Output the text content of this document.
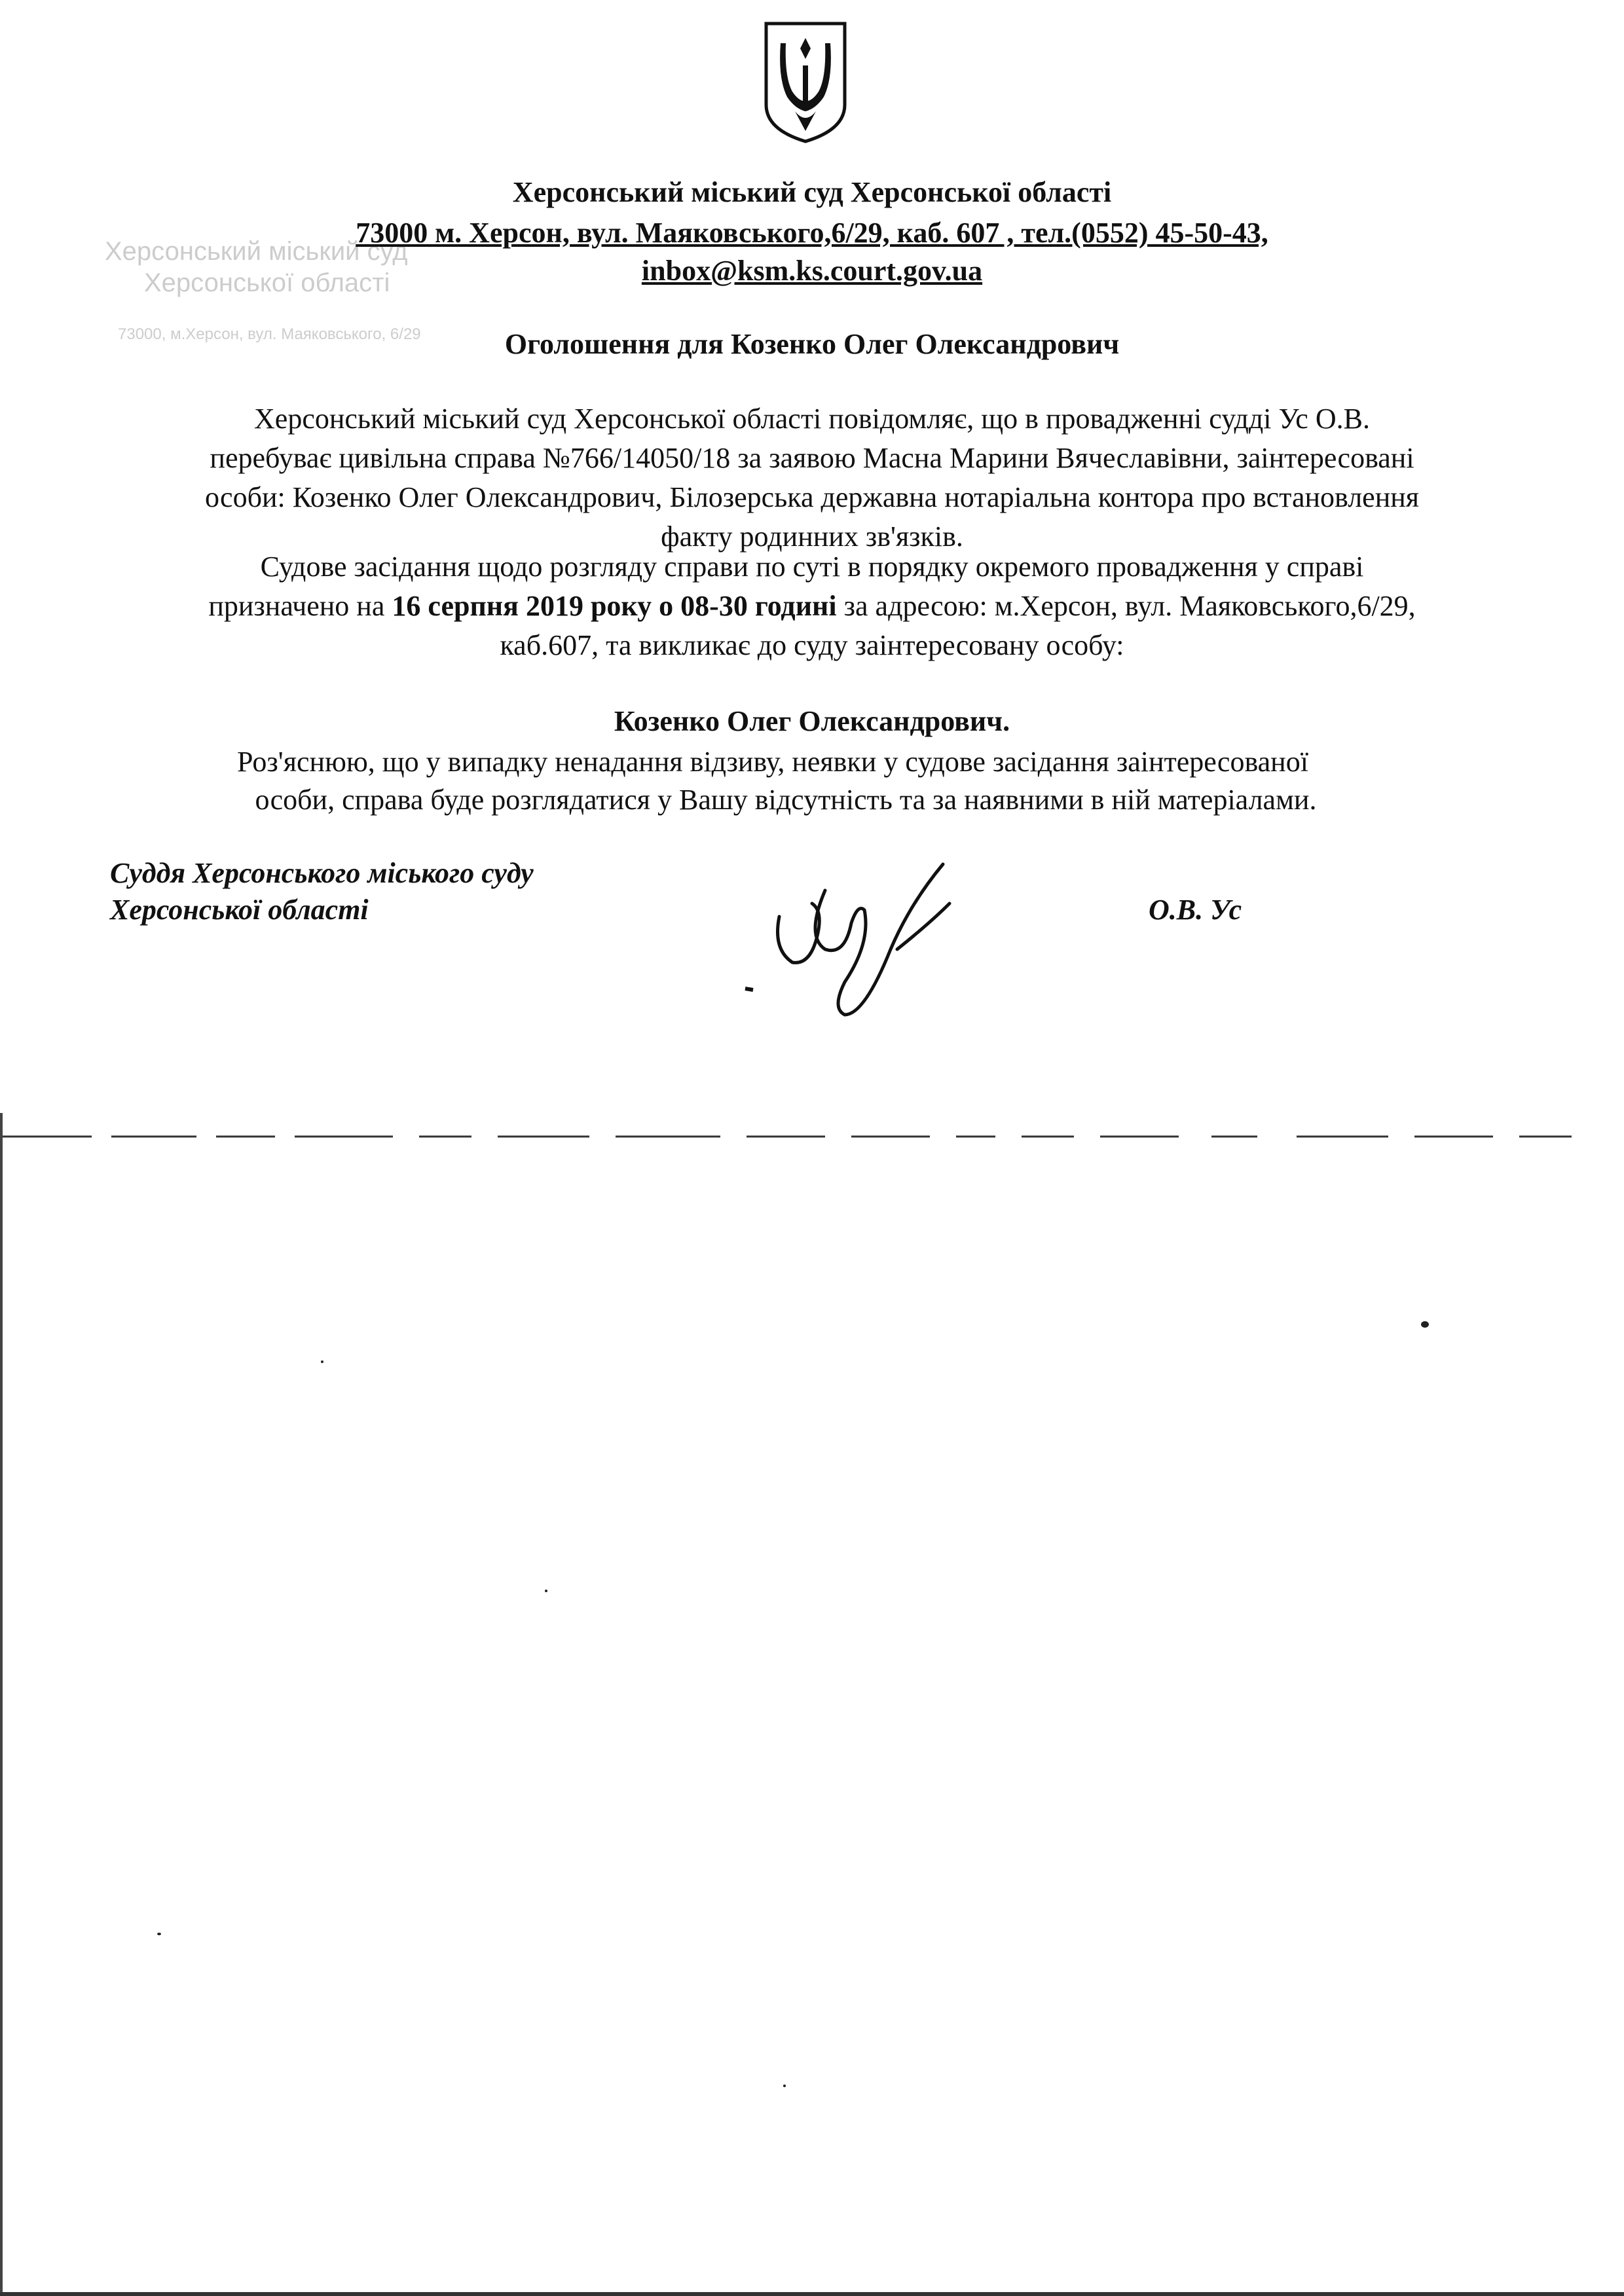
Херсонський міський суд
Херсонської області
73000, м.Херсон, вул. Маяковського, 6/29
Херсонський міський суд Херсонської області
73000 м. Херсон, вул. Маяковського,6/29, каб. 607 , тел.(0552) 45-50-43,
inbox@ksm.ks.court.gov.ua
Оголошення для Козенко Олег Олександрович
Херсонський міський суд Херсонської області повідомляє, що в провадженні судді Ус О.В.
перебуває цивільна справа №766/14050/18 за заявою Масна Марини Вячеславівни, заінтересовані
особи: Козенко Олег Олександрович, Білозерська державна нотаріальна контора про встановлення
факту родинних зв'язків.
Судове засідання щодо розгляду справи по суті в порядку окремого провадження у справі
призначено на 16 серпня 2019 року о 08-30 годині за адресою: м.Херсон, вул. Маяковського,6/29,
каб.607, та викликає до суду заінтересовану особу:
Козенко Олег Олександрович.
Роз'яснюю, що у випадку ненадання відзиву, неявки у судове засідання заінтересованої
особи, справа буде розглядатися у Вашу відсутність та за наявними в ній матеріалами.
Суддя Херсонського міського суду
Херсонської області	О.В. Ус
